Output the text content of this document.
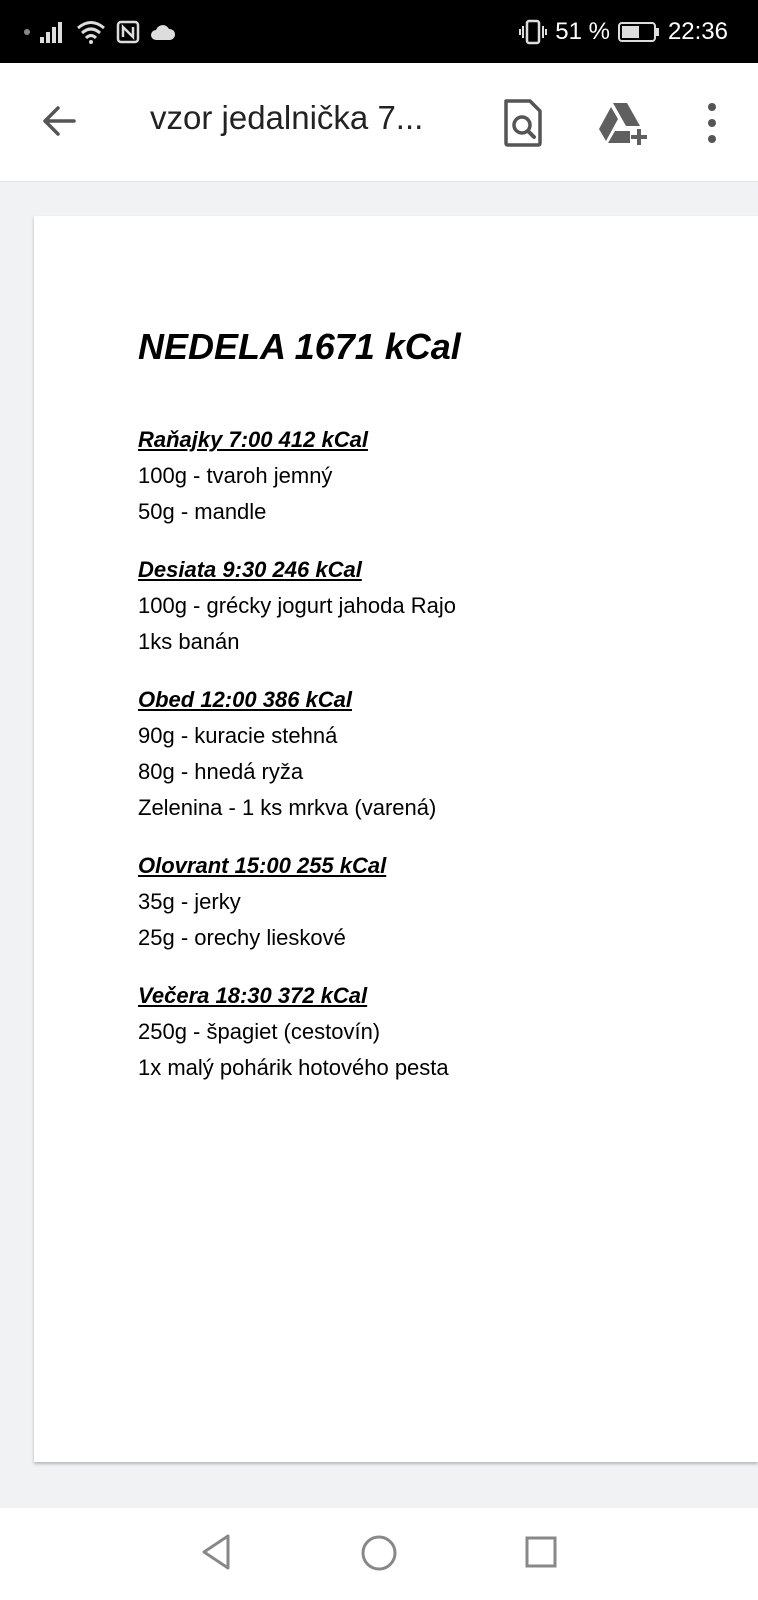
51 % 22:36
vzor jedalnička 7...
NEDELA 1671 kCal
Raňajky 7:00 412 kCal
100g - tvaroh jemný
50g - mandle
Desiata 9:30 246 kCal
100g - grécky jogurt jahoda Rajo
1ks banán
Obed 12:00 386 kCal
90g - kuracie stehná
80g - hnedá ryža
Zelenina - 1 ks mrkva (varená)
Olovrant 15:00 255 kCal
35g - jerky
25g - orechy lieskové
Večera 18:30 372 kCal
250g - špagiet (cestovín)
1x malý pohárik hotového pesta
